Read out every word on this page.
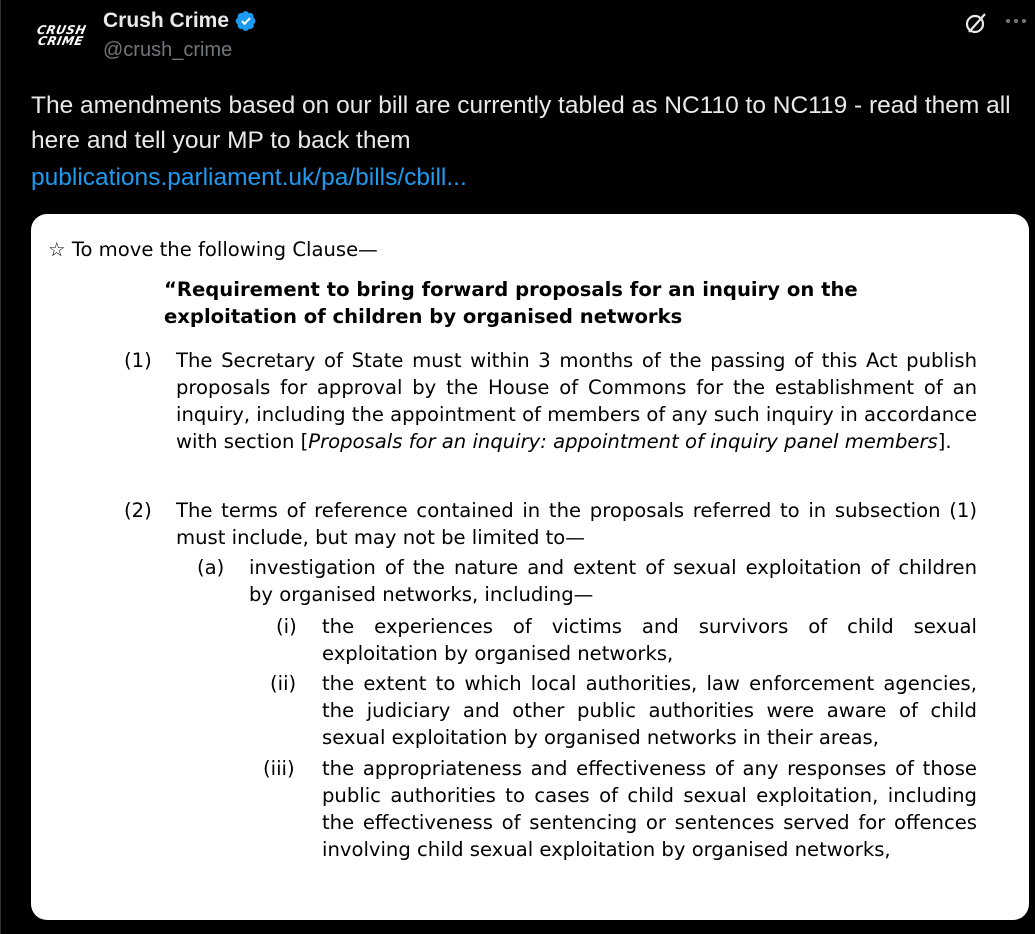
CRUSH
CRIME
Crush Crime
@crush_crime

The amendments based on our bill are currently tabled as NC110 to NC119 - read them all here and tell your MP to back them

publications.parliament.uk/pa/bills/cbill...
☆ To move the following Clause—
“Requirement to bring forward proposals for an inquiry on the exploitation of children by organised networks
(1) The Secretary of State must within 3 months of the passing of this Act publish proposals for approval by the House of Commons for the establishment of an inquiry, including the appointment of members of any such inquiry in accordance with section [Proposals for an inquiry: appointment of inquiry panel members].
(2) The terms of reference contained in the proposals referred to in subsection (1) must include, but may not be limited to—
(a) investigation of the nature and extent of sexual exploitation of children by organised networks, including—
(i) the experiences of victims and survivors of child sexual exploitation by organised networks,
(ii) the extent to which local authorities, law enforcement agencies, the judiciary and other public authorities were aware of child sexual exploitation by organised networks in their areas,
(iii) the appropriateness and effectiveness of any responses of those public authorities to cases of child sexual exploitation, including the effectiveness of sentencing or sentences served for offences involving child sexual exploitation by organised networks,
